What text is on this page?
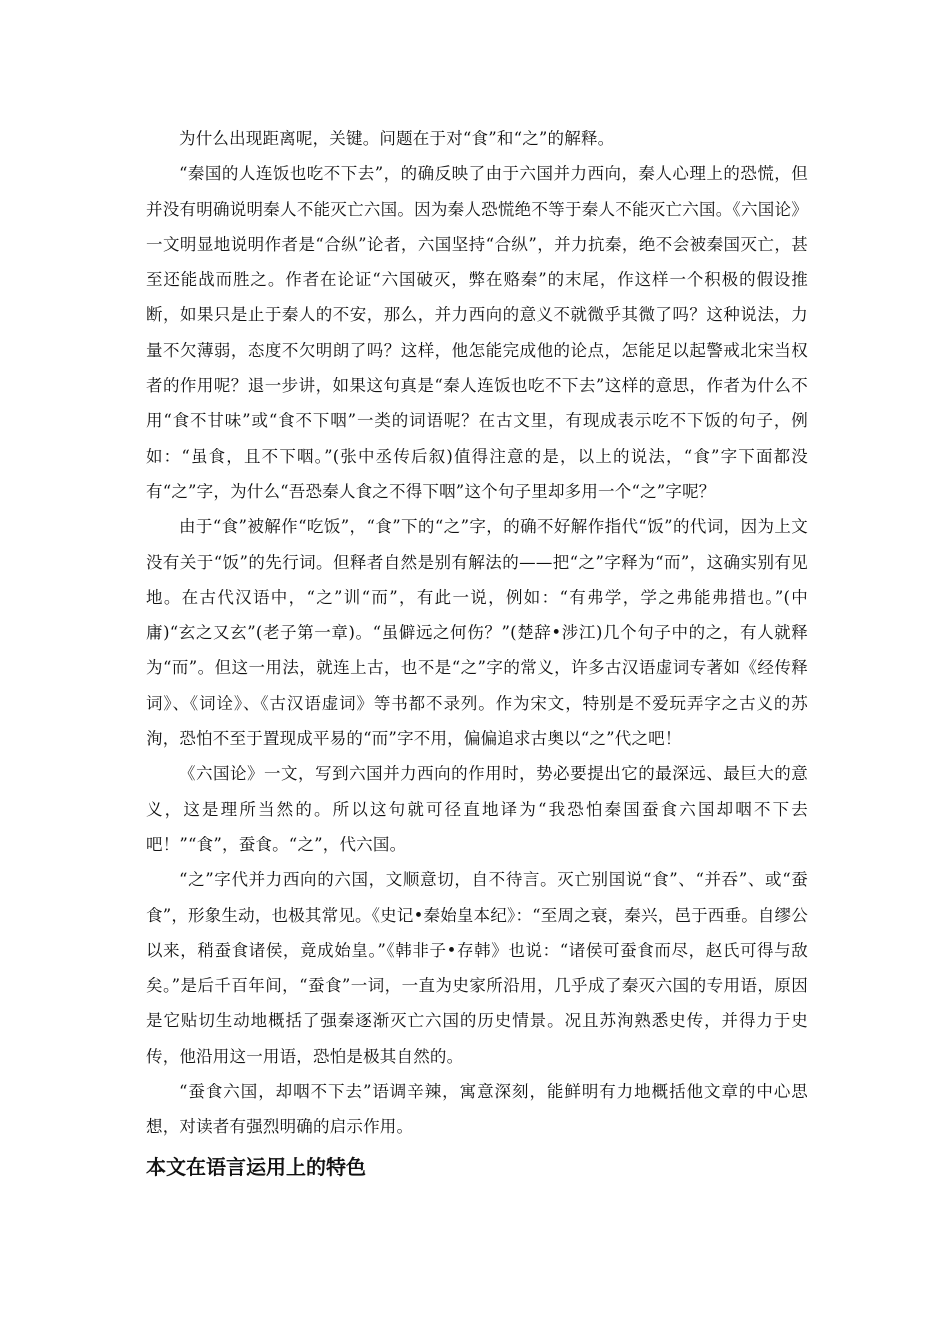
为什么出现距离呢，关键。问题在于对“食”和“之”的解释。

“秦国的人连饭也吃不下去”，的确反映了由于六国并力西向，秦人心理上的恐慌，但并没有明确说明秦人不能灭亡六国。因为秦人恐慌绝不等于秦人不能灭亡六国。《六国论》一文明显地说明作者是“合纵”论者，六国坚持“合纵”，并力抗秦，绝不会被秦国灭亡，甚至还能战而胜之。作者在论证“六国破灭，弊在赂秦”的末尾，作这样一个积极的假设推断，如果只是止于秦人的不安，那么，并力西向的意义不就微乎其微了吗？这种说法，力量不欠薄弱，态度不欠明朗了吗？这样，他怎能完成他的论点，怎能足以起警戒北宋当权者的作用呢？退一步讲，如果这句真是“秦人连饭也吃不下去”这样的意思，作者为什么不用“食不甘味”或“食不下咽”一类的词语呢？在古文里，有现成表示吃不下饭的句子，例如：“虽食，且不下咽。”(张中丞传后叙)值得注意的是，以上的说法，“食”字下面都没有“之”字，为什么“吾恐秦人食之不得下咽”这个句子里却多用一个“之”字呢？

由于“食”被解作“吃饭”，“食”下的“之”字，的确不好解作指代“饭”的代词，因为上文没有关于“饭”的先行词。但释者自然是别有解法的——把“之”字释为“而”，这确实别有见地。在古代汉语中，“之”训“而”，有此一说，例如：“有弗学，学之弗能弗措也。”(中庸)“玄之又玄”(老子第一章)。“虽僻远之何伤？”(楚辞•涉江)几个句子中的之，有人就释为“而”。但这一用法，就连上古，也不是“之”字的常义，许多古汉语虚词专著如《经传释词》、《词诠》、《古汉语虚词》等书都不录列。作为宋文，特别是不爱玩弄字之古义的苏洵，恐怕不至于置现成平易的“而”字不用，偏偏追求古奥以“之”代之吧！

《六国论》一文，写到六国并力西向的作用时，势必要提出它的最深远、最巨大的意义，这是理所当然的。所以这句就可径直地译为“我恐怕秦国蚕食六国却咽不下去吧！”“食”，蚕食。“之”，代六国。

“之”字代并力西向的六国，文顺意切，自不待言。灭亡别国说“食”、“并吞”、或“蚕食”，形象生动，也极其常见。《史记•秦始皇本纪》：“至周之衰，秦兴，邑于西垂。自缪公以来，稍蚕食诸侯，竟成始皇。”《韩非子•存韩》也说：“诸侯可蚕食而尽，赵氏可得与敌矣。”是后千百年间，“蚕食”一词，一直为史家所沿用，几乎成了秦灭六国的专用语，原因是它贴切生动地概括了强秦逐渐灭亡六国的历史情景。况且苏洵熟悉史传，并得力于史传，他沿用这一用语，恐怕是极其自然的。

“蚕食六国，却咽不下去”语调辛辣，寓意深刻，能鲜明有力地概括他文章的中心思想，对读者有强烈明确的启示作用。

本文在语言运用上的特色
